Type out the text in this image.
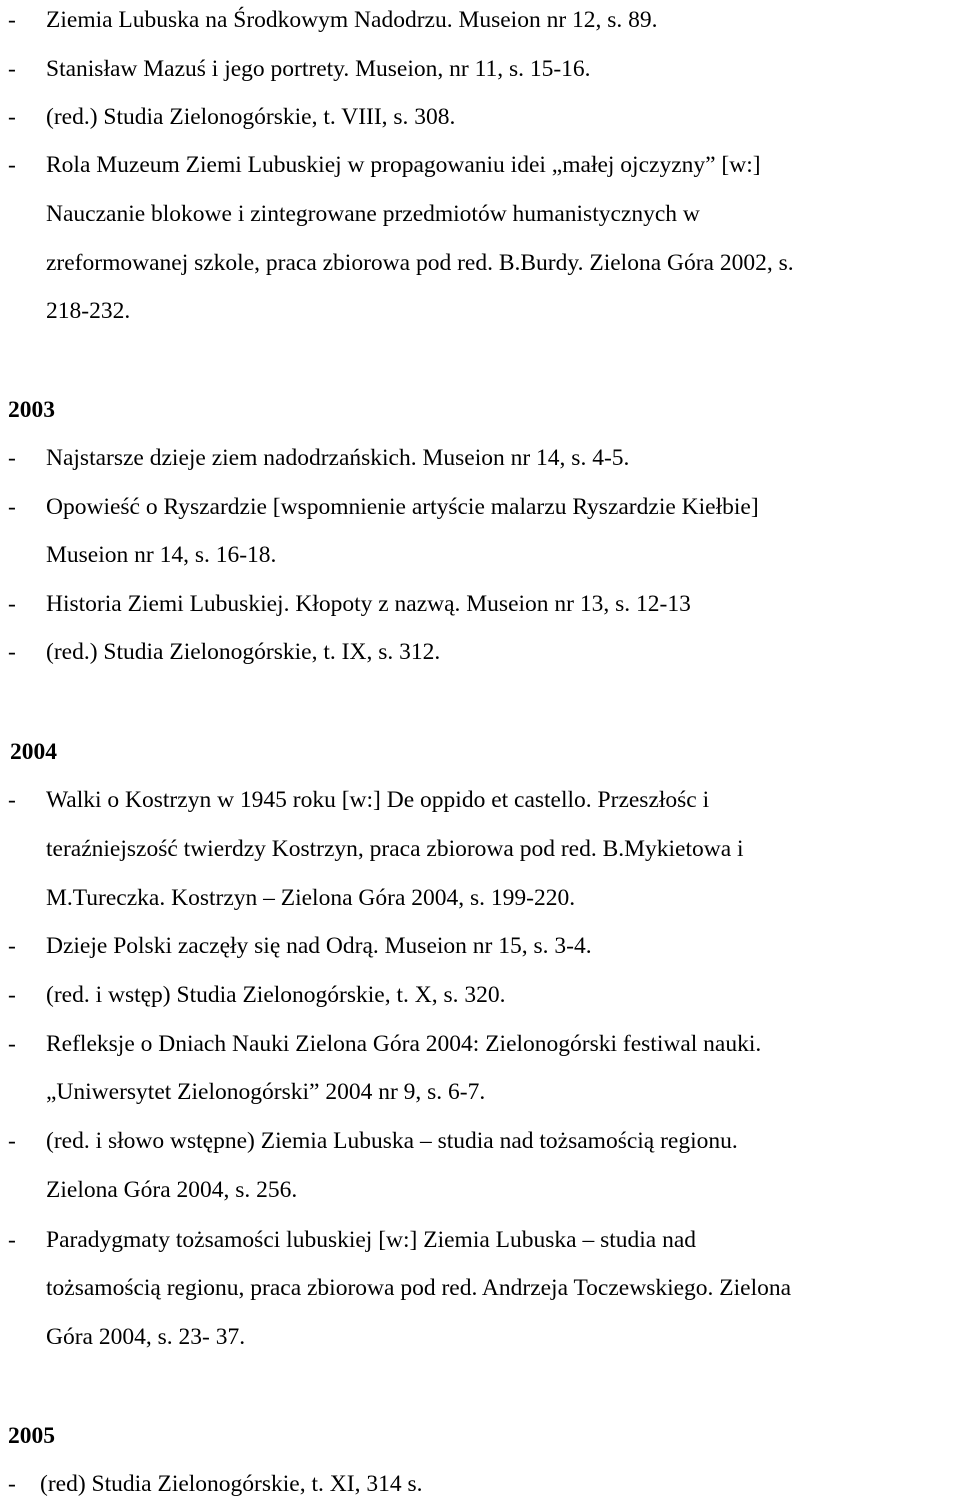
- Ziemia Lubuska na Środkowym Nadodrzu. Museion nr 12, s. 89.
- Stanisław Mazuś i jego portrety. Museion, nr 11, s. 15-16.
- (red.) Studia Zielonogórskie, t. VIII, s. 308.
- Rola Muzeum Ziemi Lubuskiej w propagowaniu idei „małej ojczyzny” [w:]
Nauczanie blokowe i zintegrowane przedmiotów humanistycznych w
zreformowanej szkole, praca zbiorowa pod red. B.Burdy. Zielona Góra 2002, s.
218-232.
2003
- Najstarsze dzieje ziem nadodrzańskich. Museion nr 14, s. 4-5.
- Opowieść o Ryszardzie [wspomnienie artyście malarzu Ryszardzie Kiełbie]
Museion nr 14, s. 16-18.
- Historia Ziemi Lubuskiej. Kłopoty z nazwą. Museion nr 13, s. 12-13
- (red.) Studia Zielonogórskie, t. IX, s. 312.
2004
- Walki o Kostrzyn w 1945 roku [w:] De oppido et castello. Przeszłośc i
teraźniejszość twierdzy Kostrzyn, praca zbiorowa pod red. B.Mykietowa i
M.Tureczka. Kostrzyn – Zielona Góra 2004, s. 199-220.
- Dzieje Polski zaczęły się nad Odrą. Museion nr 15, s. 3-4.
- (red. i wstęp) Studia Zielonogórskie, t. X, s. 320.
- Refleksje o Dniach Nauki Zielona Góra 2004: Zielonogórski festiwal nauki.
„Uniwersytet Zielonogórski” 2004 nr 9, s. 6-7.
- (red. i słowo wstępne) Ziemia Lubuska – studia nad tożsamością regionu.
Zielona Góra 2004, s. 256.
- Paradygmaty tożsamości lubuskiej [w:] Ziemia Lubuska – studia nad
tożsamością regionu, praca zbiorowa pod red. Andrzeja Toczewskiego. Zielona
Góra 2004, s. 23- 37.
2005
- (red) Studia Zielonogórskie, t. XI, 314 s.
